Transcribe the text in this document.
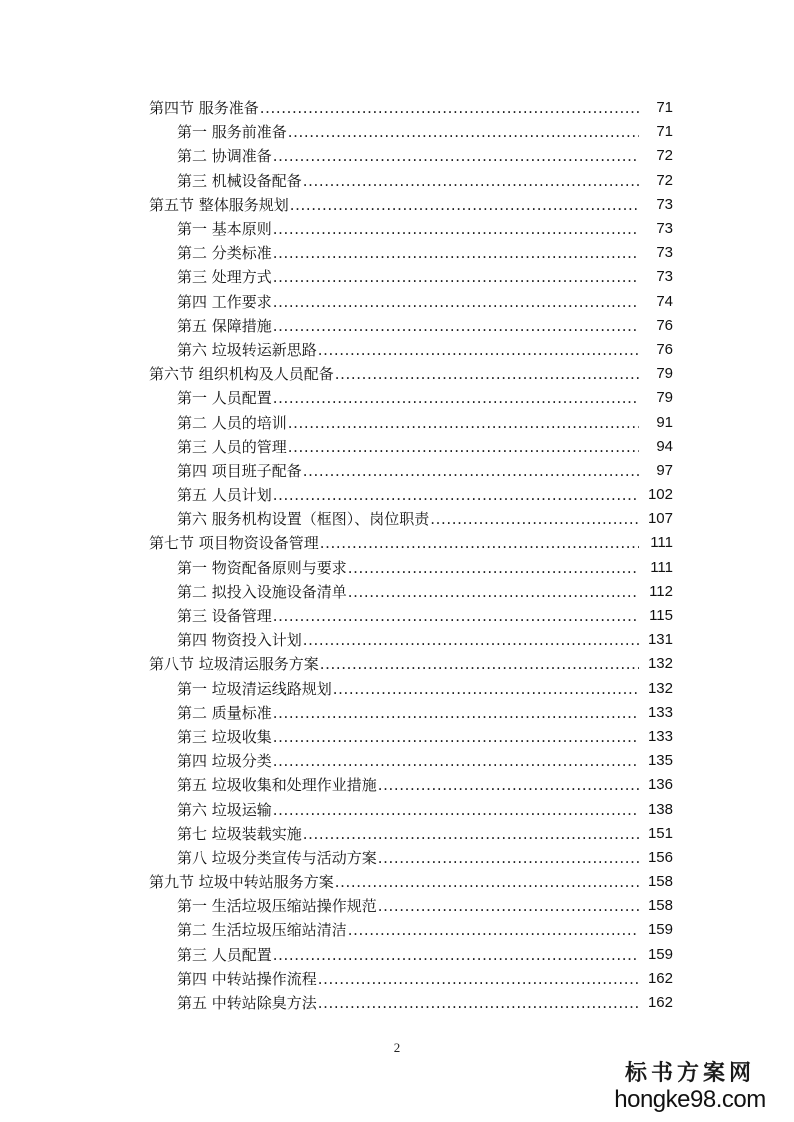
第四节 服务准备 .....	71
第一 服务前准备 .....	71
第二 协调准备 .....	72
第三 机械设备配备 .....	72
第五节 整体服务规划 .....	73
第一 基本原则 .....	73
第二 分类标准 .....	73
第三 处理方式 .....	73
第四 工作要求 .....	74
第五 保障措施 .....	76
第六 垃圾转运新思路 .....	76
第六节 组织机构及人员配备 .....	79
第一 人员配置 .....	79
第二 人员的培训 .....	91
第三 人员的管理 .....	94
第四 项目班子配备 .....	97
第五 人员计划 .....	102
第六 服务机构设置（框图）、岗位职责 .....	107
第七节 项目物资设备管理 .....	111
第一 物资配备原则与要求 .....	111
第二 拟投入设施设备清单 .....	112
第三 设备管理 .....	115
第四 物资投入计划 .....	131
第八节 垃圾清运服务方案 .....	132
第一 垃圾清运线路规划 .....	132
第二 质量标准 .....	133
第三 垃圾收集 .....	133
第四 垃圾分类 .....	135
第五 垃圾收集和处理作业措施 .....	136
第六 垃圾运输 .....	138
第七 垃圾装载实施 .....	151
第八 垃圾分类宣传与活动方案 .....	156
第九节 垃圾中转站服务方案 .....	158
第一 生活垃圾压缩站操作规范 .....	158
第二 生活垃圾压缩站清洁 .....	159
第三 人员配置 .....	159
第四 中转站操作流程 .....	162
第五 中转站除臭方法 .....	162
2
标书方案网
hongke98.com
